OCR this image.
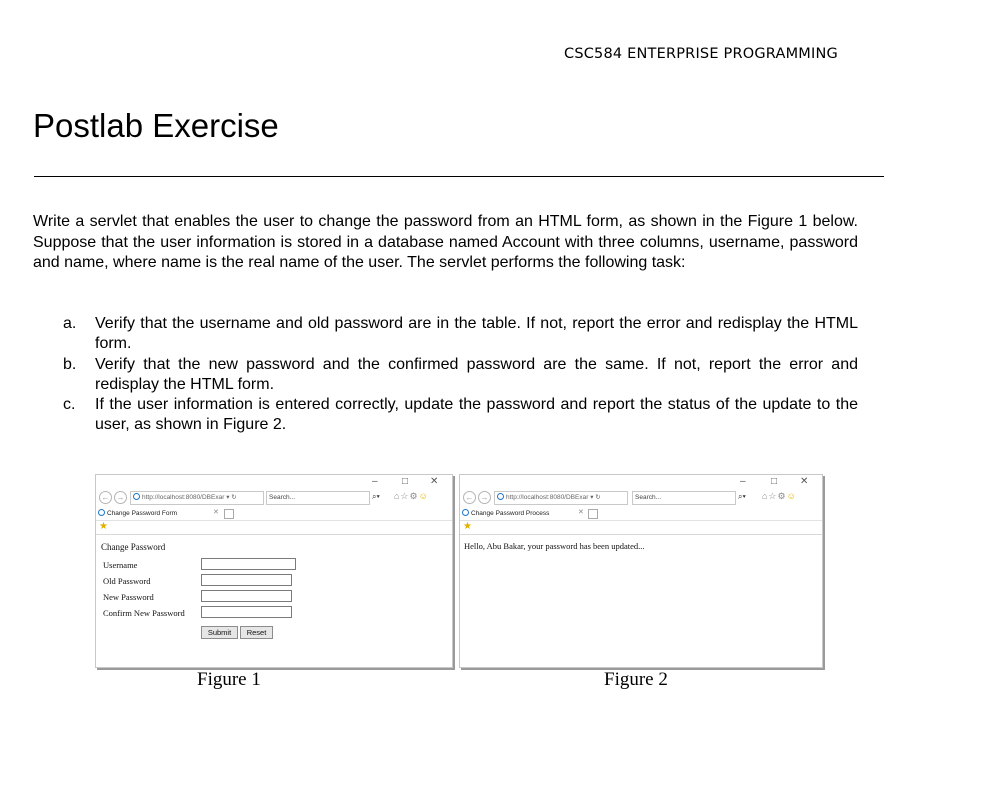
CSC584 ENTERPRISE PROGRAMMING
Postlab Exercise

Write a servlet that enables the user to change the password from an HTML form, as shown in the Figure 1 below. Suppose that the user information is stored in a database named Account with three columns, username, password and name, where name is the real name of the user. The servlet performs the following task:

a. Verify that the username and old password are in the table. If not, report the error and redisplay the HTML form.
b. Verify that the new password and the confirmed password are the same. If not, report the error and redisplay the HTML form.
c. If the user information is entered correctly, update the password and report the status of the update to the user, as shown in Figure 2.
– □ ✕
← →	http://localhost:8080/DBExar ▾ ↻	Search...	⌕▾ ⌂☆⚙☺
Change Password Form	✕
★
Change Password
Username
Old Password
New Password
Confirm New Password
Submit	Reset
–	□ ✕
← →	http://localhost:8080/DBExar ▾ ↻	Search...	⌕▾ ⌂☆⚙☺
Change Password Process	✕
★
Hello, Abu Bakar, your password has been updated...
Figure 1	Figure 2
